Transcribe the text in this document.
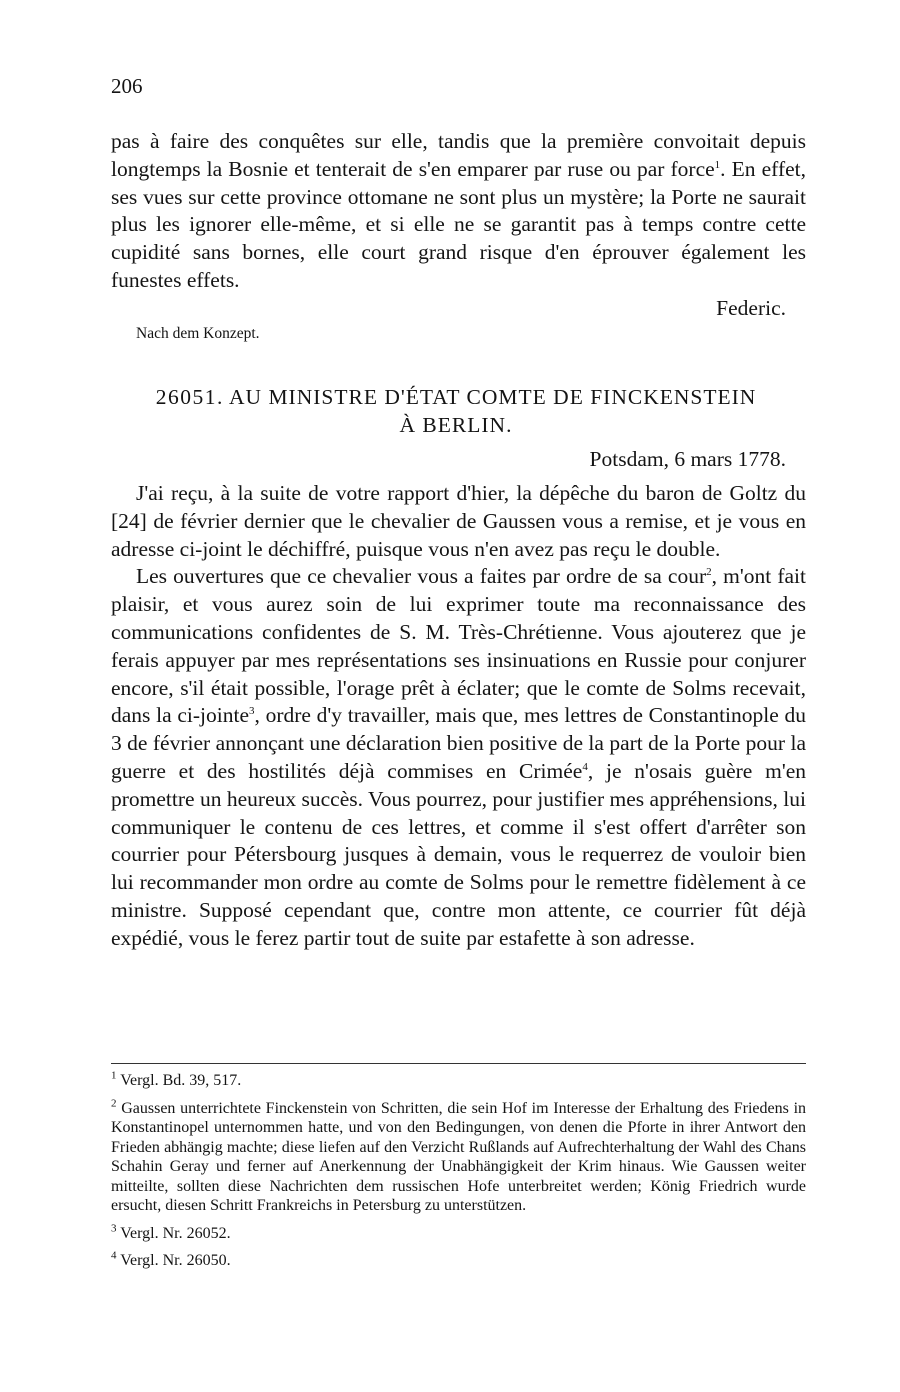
206

pas à faire des conquêtes sur elle, tandis que la première convoitait depuis longtemps la Bosnie et tenterait de s'en emparer par ruse ou par force$^1$. En effet, ses vues sur cette province ottomane ne sont plus un mystère; la Porte ne saurait plus les ignorer elle-même, et si elle ne se garantit pas à temps contre cette cupidité sans bornes, elle court grand risque d'en éprouver également les funestes effets.

Federic.
Nach dem Konzept.
26051. AU MINISTRE D'ÉTAT COMTE DE FINCKENSTEIN
À BERLIN.
Potsdam, 6 mars 1778.

J'ai reçu, à la suite de votre rapport d'hier, la dépêche du baron de Goltz du [24] de février dernier que le chevalier de Gaussen vous a remise, et je vous en adresse ci-joint le déchiffré, puisque vous n'en avez pas reçu le double.

Les ouvertures que ce chevalier vous a faites par ordre de sa cour$^2$, m'ont fait plaisir, et vous aurez soin de lui exprimer toute ma reconnaissance des communications confidentes de S. M. Très-Chrétienne. Vous ajouterez que je ferais appuyer par mes représentations ses insinuations en Russie pour conjurer encore, s'il était possible, l'orage prêt à éclater; que le comte de Solms recevait, dans la ci-jointe$^3$, ordre d'y travailler, mais que, mes lettres de Constantinople du 3 de février annonçant une déclaration bien positive de la part de la Porte pour la guerre et des hostilités déjà commises en Crimée$^4$, je n'osais guère m'en promettre un heureux succès. Vous pourrez, pour justifier mes appréhensions, lui communiquer le contenu de ces lettres, et comme il s'est offert d'arrêter son courrier pour Pétersbourg jusques à demain, vous le requerrez de vouloir bien lui recommander mon ordre au comte de Solms pour le remettre fidèlement à ce ministre. Supposé cependant que, contre mon attente, ce courrier fût déjà expédié, vous le ferez partir tout de suite par estafette à son adresse.

$^1$ Vergl. Bd. 39, 517.

$^2$ Gaussen unterrichtete Finckenstein von Schritten, die sein Hof im Interesse der Erhaltung des Friedens in Konstantinopel unternommen hatte, und von den Bedingungen, von denen die Pforte in ihrer Antwort den Frieden abhängig machte; diese liefen auf den Verzicht Rußlands auf Aufrechterhaltung der Wahl des Chans Schahin Geray und ferner auf Anerkennung der Unabhängigkeit der Krim hinaus. Wie Gaussen weiter mitteilte, sollten diese Nachrichten dem russischen Hofe unterbreitet werden; König Friedrich wurde ersucht, diesen Schritt Frankreichs in Petersburg zu unterstützen.

$^3$ Vergl. Nr. 26052.

$^4$ Vergl. Nr. 26050.
